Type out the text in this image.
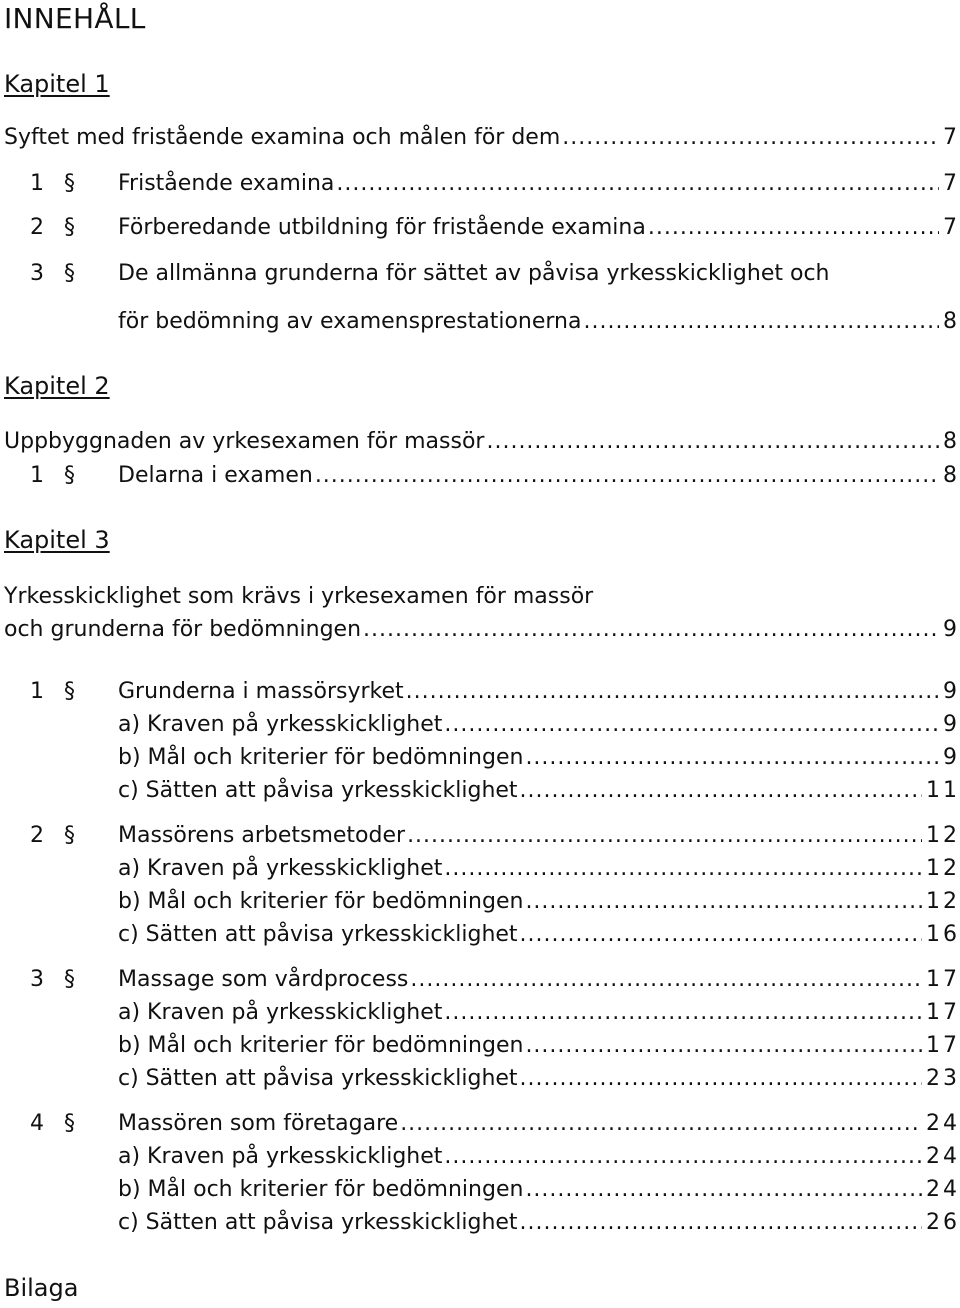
INNEHÅLL
Kapitel 1
Syftet med fristående examina och målen för dem .....	7
1 §	Fristående examina .....	7
2 §	Förberedande utbildning för fristående examina .....	7
3 §	De allmänna grunderna för sättet av påvisa yrkesskicklighet och
för bedömning av examensprestationerna .....	8
Kapitel 2
Uppbyggnaden av yrkesexamen för massör .....	8
1 §	Delarna i examen .....	8
Kapitel 3
Yrkesskicklighet som krävs i yrkesexamen för massör
och grunderna för bedömningen .....	9
1 §	Grunderna i massörsyrket .....	9
a) Kraven på yrkesskicklighet .....	9
b) Mål och kriterier för bedömningen .....	9
c) Sätten att påvisa yrkesskicklighet .....	11
2 §	Massörens arbetsmetoder .....	12
a) Kraven på yrkesskicklighet .....	12
b) Mål och kriterier för bedömningen .....	12
c) Sätten att påvisa yrkesskicklighet .....	16
3 §	Massage som vårdprocess .....	17
a) Kraven på yrkesskicklighet .....	17
b) Mål och kriterier för bedömningen .....	17
c) Sätten att påvisa yrkesskicklighet .....	23
4 §	Massören som företagare .....	24
a) Kraven på yrkesskicklighet .....	24
b) Mål och kriterier för bedömningen .....	24
c) Sätten att påvisa yrkesskicklighet .....	26
Bilaga
